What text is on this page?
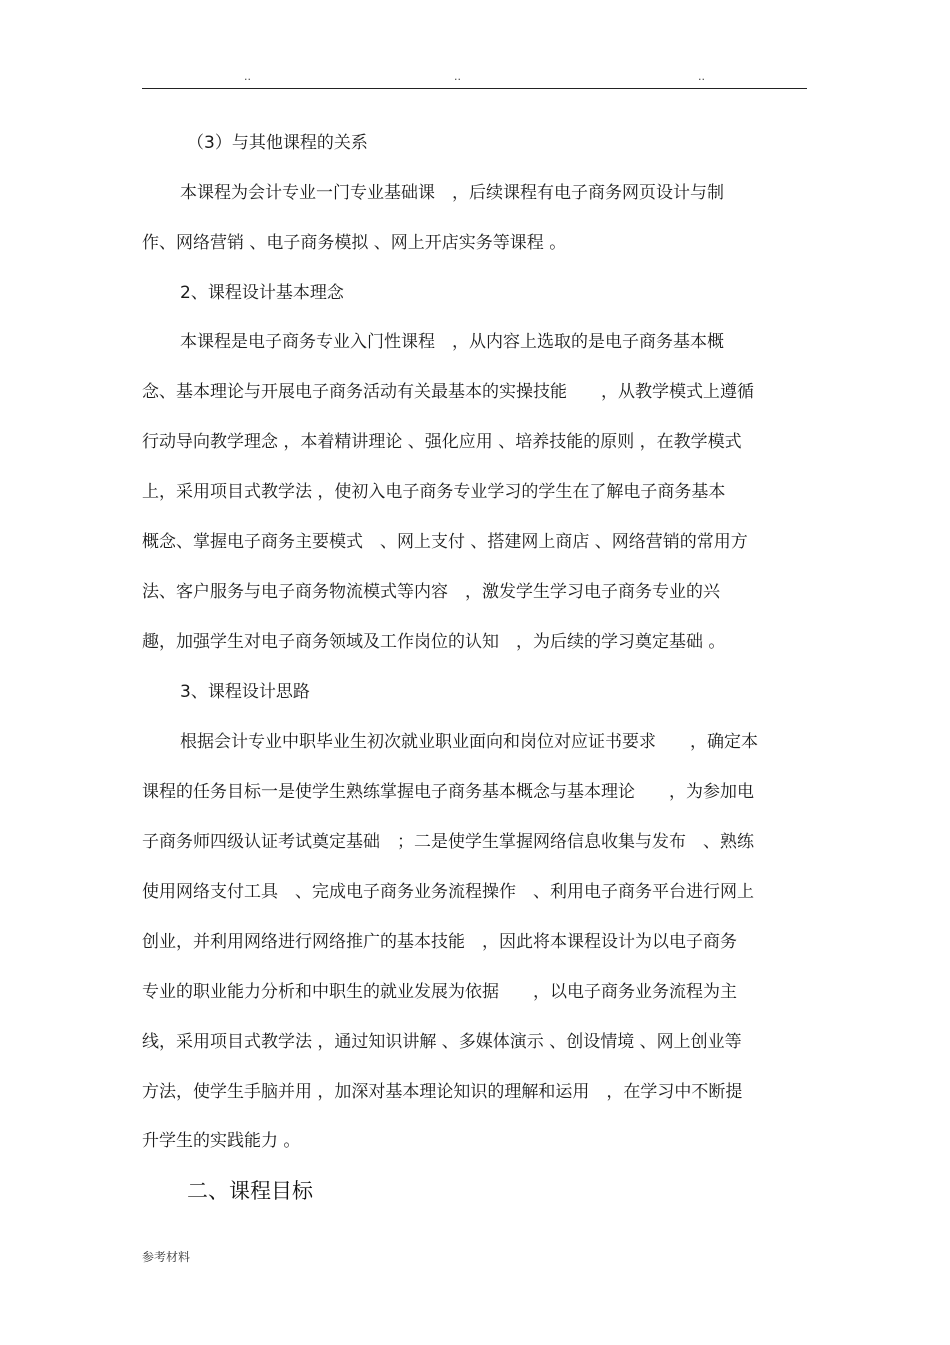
..	..	..
（3）与其他课程的关系
本课程为会计专业一门专业基础课　，后续课程有电子商务网页设计与制
作、网络营销 、电子商务模拟 、网上开店实务等课程 。
2、课程设计基本理念
本课程是电子商务专业入门性课程　，从内容上选取的是电子商务基本概
念、基本理论与开展电子商务活动有关最基本的实操技能　　，从教学模式上遵循
行动导向教学理念 ，本着精讲理论 、强化应用 、培养技能的原则 ，在教学模式
上，采用项目式教学法 ，使初入电子商务专业学习的学生在了解电子商务基本
概念、掌握电子商务主要模式　、网上支付 、搭建网上商店 、网络营销的常用方
法、客户服务与电子商务物流模式等内容　，激发学生学习电子商务专业的兴
趣，加强学生对电子商务领域及工作岗位的认知　，为后续的学习奠定基础 。
3、课程设计思路
根据会计专业中职毕业生初次就业职业面向和岗位对应证书要求　　，确定本
课程的任务目标一是使学生熟练掌握电子商务基本概念与基本理论　　，为参加电
子商务师四级认证考试奠定基础　；二是使学生掌握网络信息收集与发布　、熟练
使用网络支付工具　、完成电子商务业务流程操作　、利用电子商务平台进行网上
创业，并利用网络进行网络推广的基本技能　，因此将本课程设计为以电子商务
专业的职业能力分析和中职生的就业发展为依据　　，以电子商务业务流程为主
线，采用项目式教学法 ，通过知识讲解 、多媒体演示 、创设情境 、网上创业等
方法，使学生手脑并用 ，加深对基本理论知识的理解和运用　，在学习中不断提
升学生的实践能力 。
二、课程目标
参考材料
